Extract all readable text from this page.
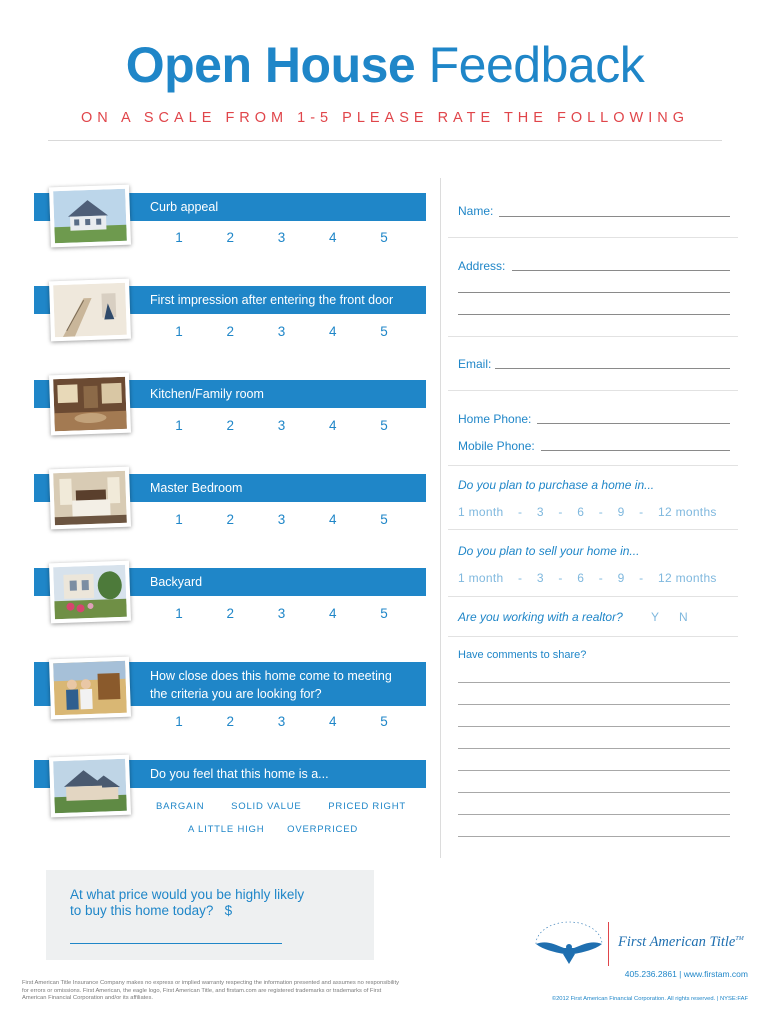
Open House Feedback
ON A SCALE FROM 1-5 PLEASE RATE THE FOLLOWING
Curb appeal
1	2	3	4	5
First impression after entering the front door
1	2	3	4	5
Kitchen/Family room
1	2	3	4	5
Master Bedroom
1	2	3	4	5
Backyard
1	2	3	4	5
How close does this home come to meeting
the criteria you are looking for?
1	2	3	4	5
Do you feel that this home is a...
BARGAIN	SOLID VALUE	PRICED RIGHT
A LITTLE HIGH OVERPRICED
At what price would you be highly likely
to buy this home today? $
Name:
Address:
Email:
Home Phone:
Mobile Phone:
Do you plan to purchase a home in...
1 month - 3 - 6 - 9 - 12 months
Do you plan to sell your home in...
1 month - 3 - 6 - 9 - 12 months
Are you working with a realtor? Y N
Have comments to share?
First American Title Insurance Company makes no express or implied warranty respecting the information presented and assumes no responsibility for errors or omissions. First American, the eagle logo, First American Title, and firstam.com are registered trademarks or trademarks of First American Financial Corporation and/or its affiliates.
First American Title™
405.236.2861 | www.firstam.com
©2012 First American Financial Corporation. All rights reserved. | NYSE:FAF
